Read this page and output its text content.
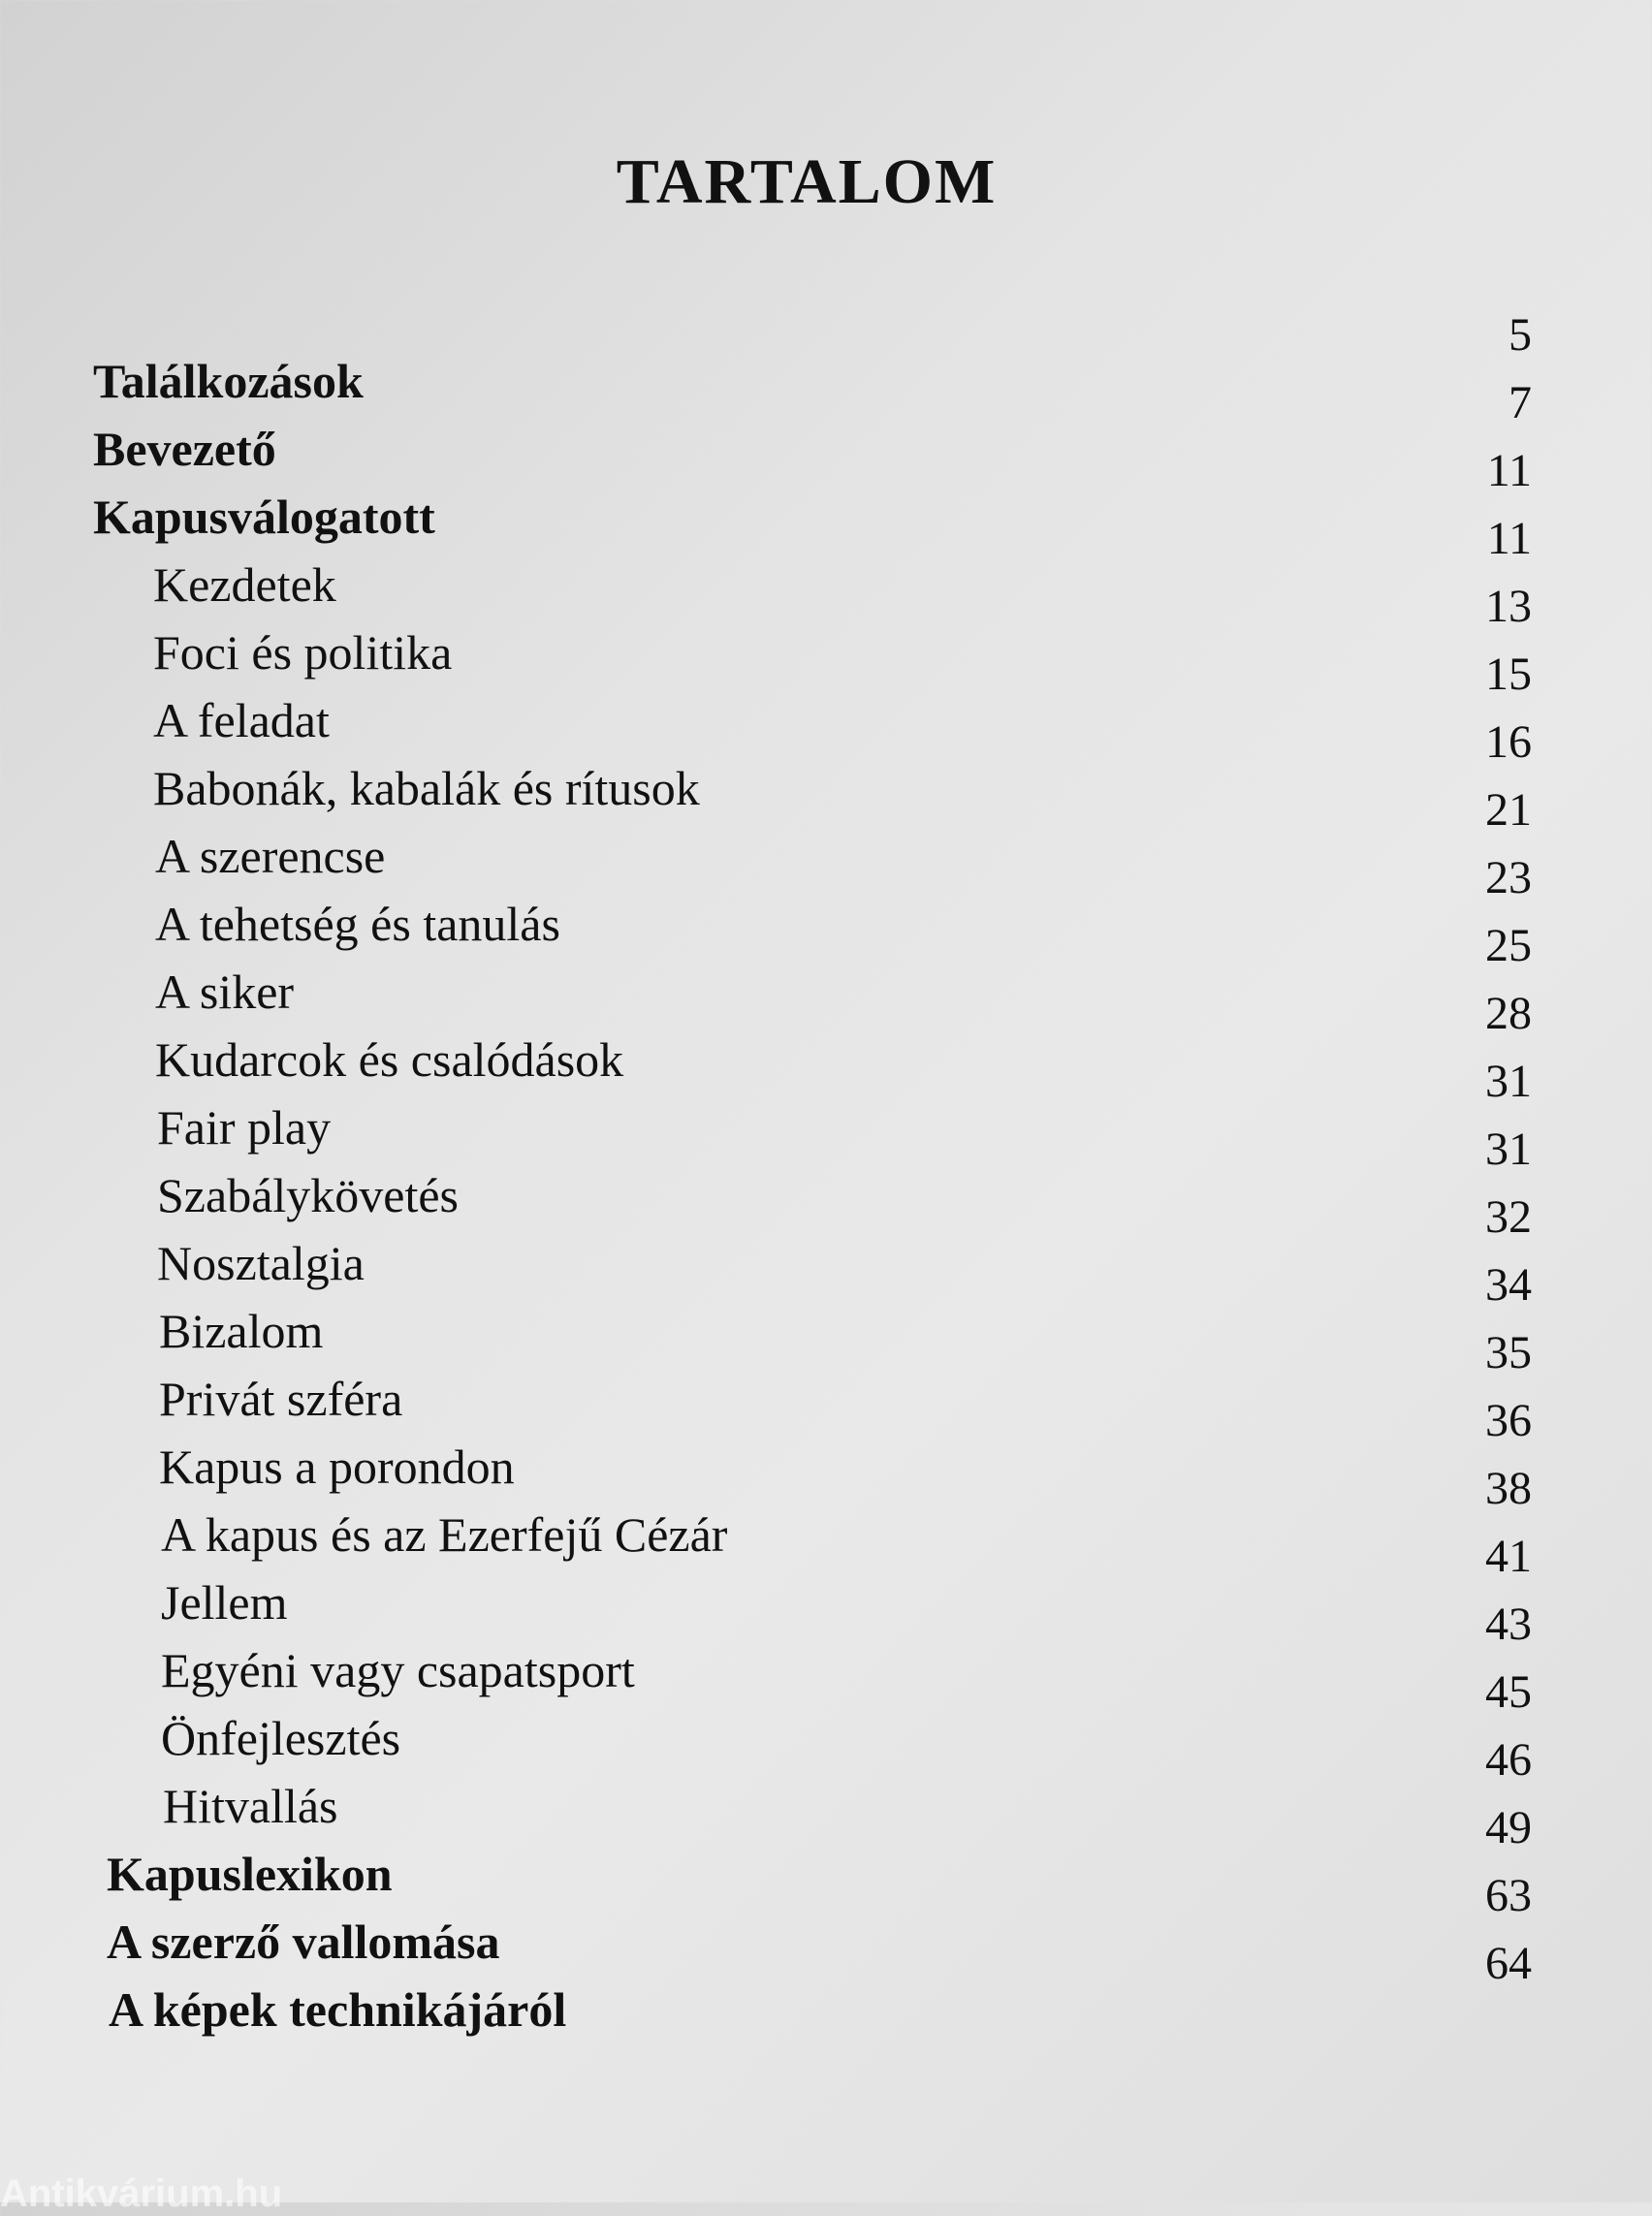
TARTALOM
Találkozások
5
Bevezető
7
Kapusválogatott
11
Kezdetek
11
Foci és politika
13
A feladat
15
Babonák, kabalák és rítusok
16
A szerencse
21
A tehetség és tanulás
23
A siker
25
Kudarcok és csalódások
28
Fair play
31
Szabálykövetés
31
Nosztalgia
32
Bizalom
34
Privát szféra
35
Kapus a porondon
36
A kapus és az Ezerfejű Cézár
38
Jellem
41
Egyéni vagy csapatsport
43
Önfejlesztés
45
Hitvallás
46
Kapuslexikon
49
A szerző vallomása
63
A képek technikájáról
64
Antikvárium.hu
